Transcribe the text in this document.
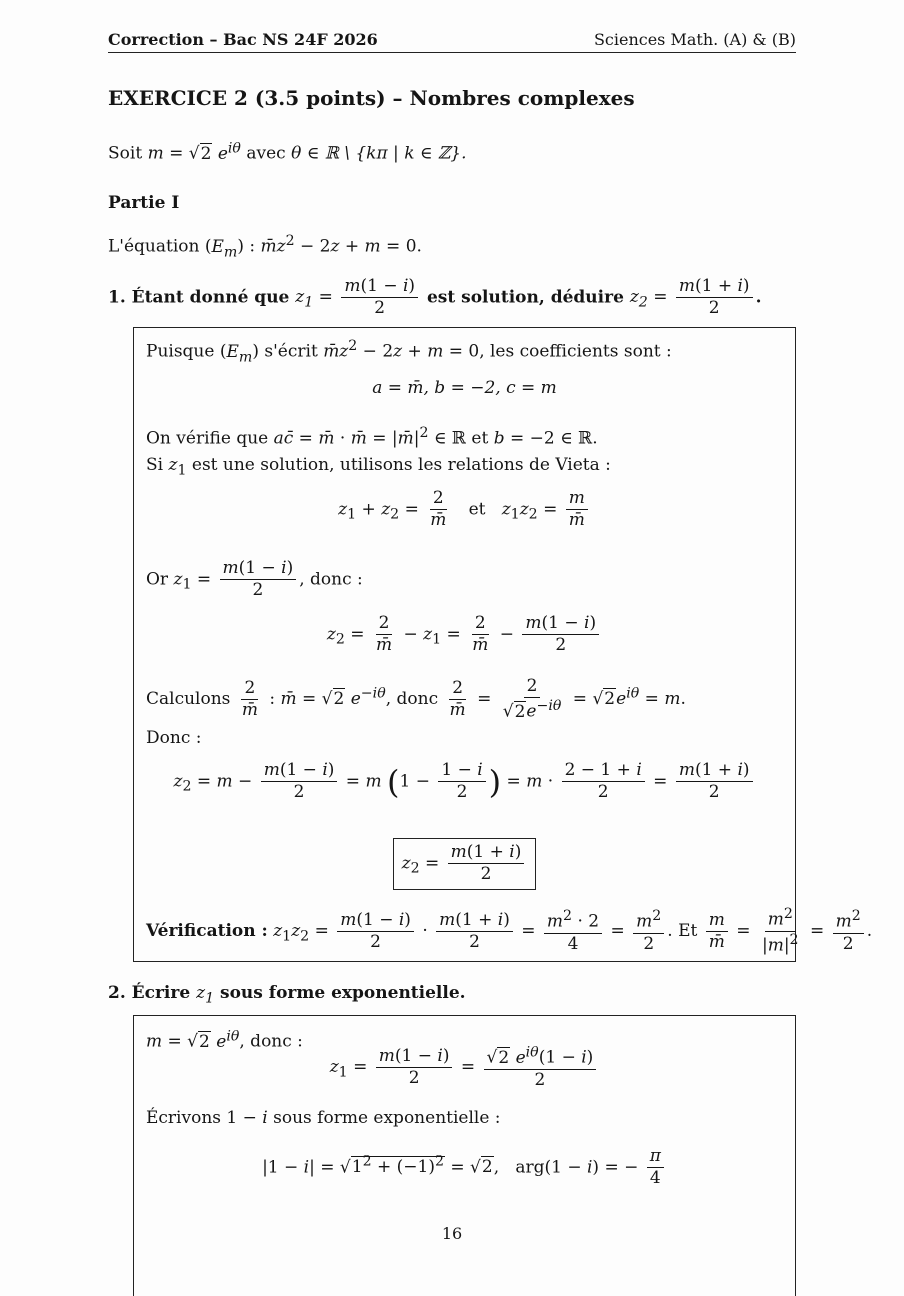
Correction – Bac NS 24F 2026	Sciences Math. (A) & (B)
EXERCICE 2 (3.5 points) – Nombres complexes
Soit m = √2 $e^{i\theta}$ avec θ ∈ ℝ \ {kπ | k ∈ ℤ}.
Partie I
L'équation $(E_m)$ : $m̄z^2 - 2z + m = 0$.
1. Étant donné que $z_1 = \frac{m(1 - i)}{2}$ est solution, déduire $z_2 = \frac{m(1 + i)}{2}$ .
Puisque $(E_m)$ s'écrit $m̄z^2 - 2z + m = 0$, les coefficients sont :
a = m̄, b = −2, c = m
On vérifie que ac̄ = m̄ · m̄ = $|m̄|^2$ ∈ ℝ et b = −2 ∈ ℝ.
Si $z_1$ est une solution, utilisons les relations de Vieta :
$z_1 + z_2 = \frac{2}{m̄}$ et $z_1z_2 = \frac{m}{m̄}$
Or $z_1 = \frac{m(1 - i)}{2}$ , donc :
$z_2 = \frac{2}{m̄} - z_1 = \frac{2}{m̄} - \frac{m(1 - i)}{2}$
Calculons $\frac{2}{m̄}$ : m̄ = √2 $e^{-i\theta}$, donc $\frac{2}{m̄} = \frac{2}{√2e^{-i\theta}} = √2e^{i\theta} = m$.
Donc :
$z_2 = m - \frac{m(1 - i)}{2} = m$ ($1 - \frac{1 - i}{2}$ ) = $m \cdot \frac{2 - 1 + i}{2} = \frac{m(1 + i)}{2}$
$z_2 = \frac{m(1 + i)}{2}$
Vérification : $z_1z_2 = \frac{m(1 - i)}{2} \cdot \frac{m(1 + i)}{2} = \frac{m^2 \cdot 2}{4} = \frac{m^2}{2}$ . Et $\frac{m}{m̄} = \frac{m^2}{|m|^2} = \frac{m^2}{2}$ .
2. Écrire $z_1$ sous forme exponentielle.
m = √2 $e^{i\theta}$, donc :
$z_1 = \frac{m(1 - i)}{2} = \frac{√2 e^{i\theta}(1 - i)}{2}$
Écrivons 1 − i sous forme exponentielle :
$|1 - i| = √1^2 + (-1)^2 = √2$,   arg(1 − i) = − $\frac{\pi}{4}$
16
